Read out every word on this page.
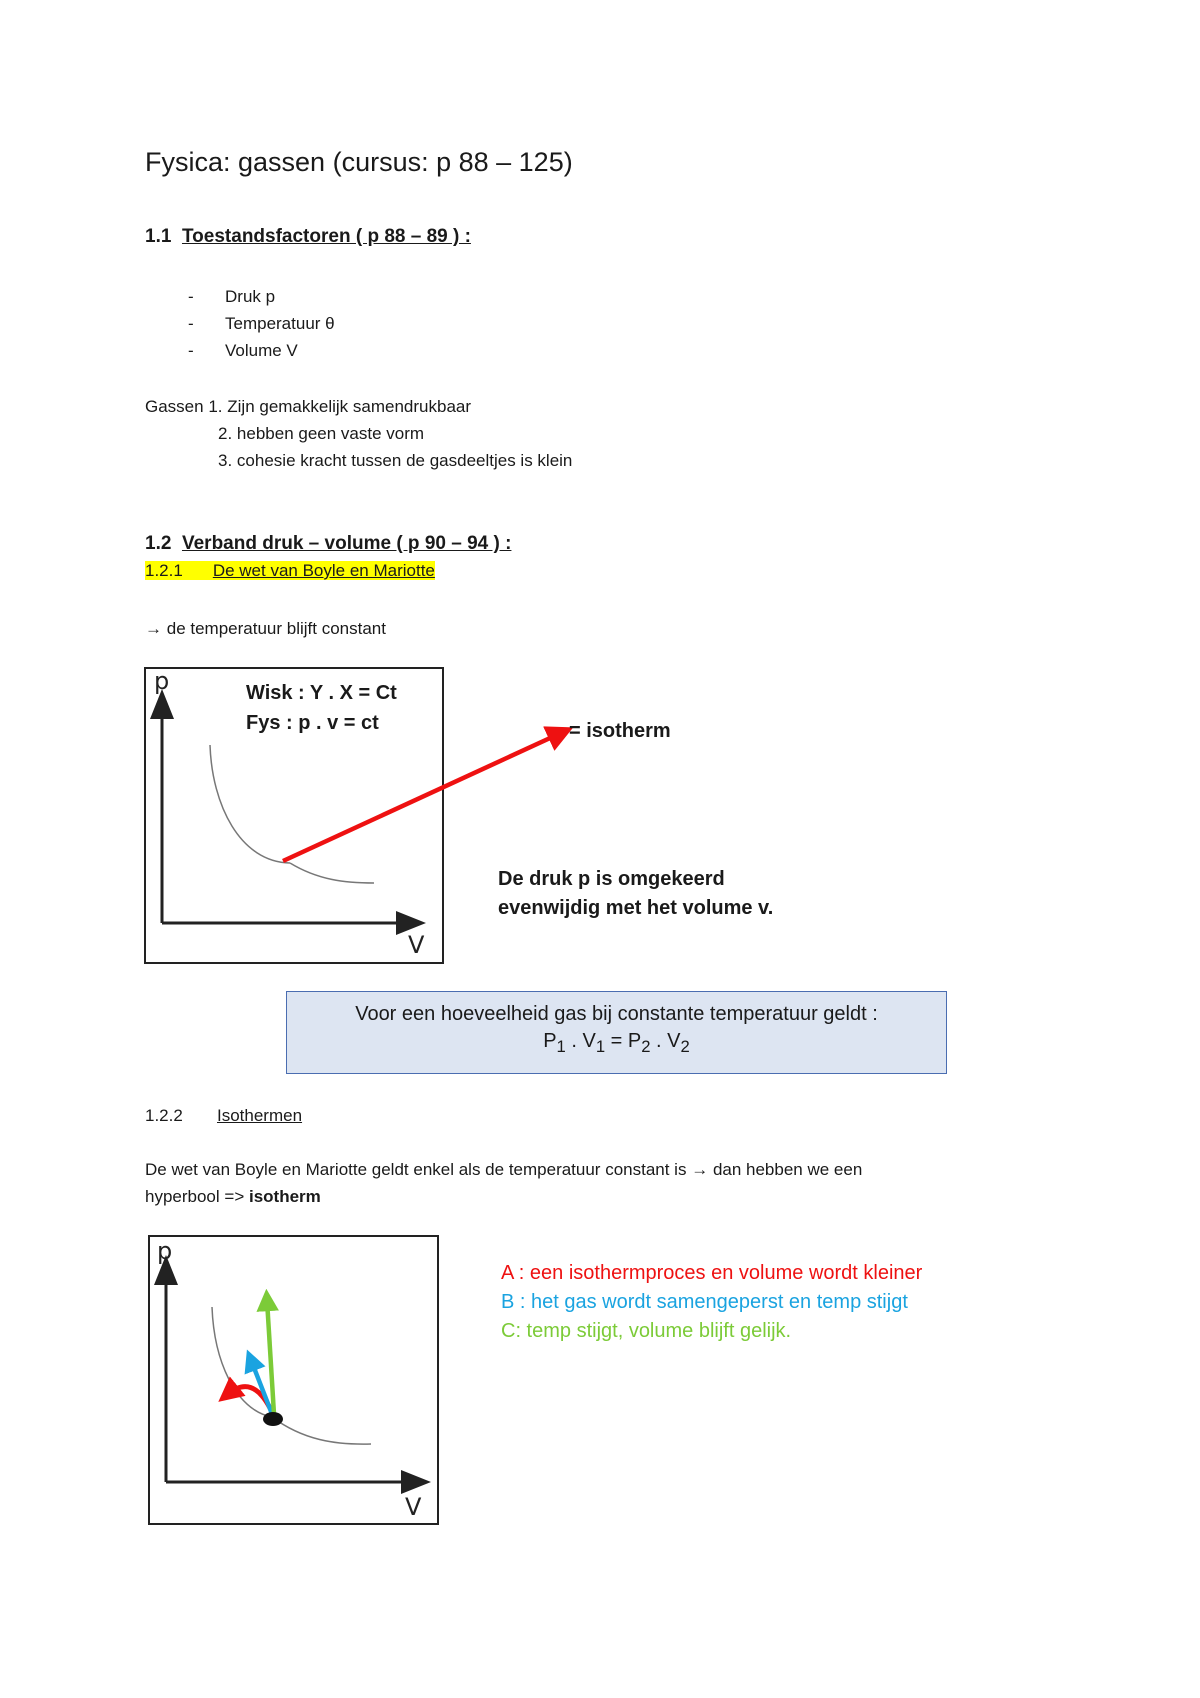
Fysica: gassen (cursus: p 88 – 125)
1.1 Toestandsfactoren ( p 88 – 89 ) :
- Druk p
- Temperatuur θ
- Volume V
Gassen 1. Zijn gemakkelijk samendrukbaar
2. hebben geen vaste vorm
3. cohesie kracht tussen de gasdeeltjes is klein
1.2 Verband druk – volume ( p 90 – 94 ) :
1.2.1 De wet van Boyle en Mariotte
→ de temperatuur blijft constant
p
V
Wisk : Y . X = Ct
Fys : p . v = ct	= isotherm
De druk p is omgekeerd
evenwijdig met het volume v.
Voor een hoeveelheid gas bij constante temperatuur geldt :
$P_1$ . $V_1 = P_2$ . $V_2$
1.2.2 Isothermen
De wet van Boyle en Mariotte geldt enkel als de temperatuur constant is → dan hebben we een
hyperbool => isotherm
p
V
A : een isothermproces en volume wordt kleiner
B : het gas wordt samengeperst en temp stijgt
C: temp stijgt, volume blijft gelijk.
